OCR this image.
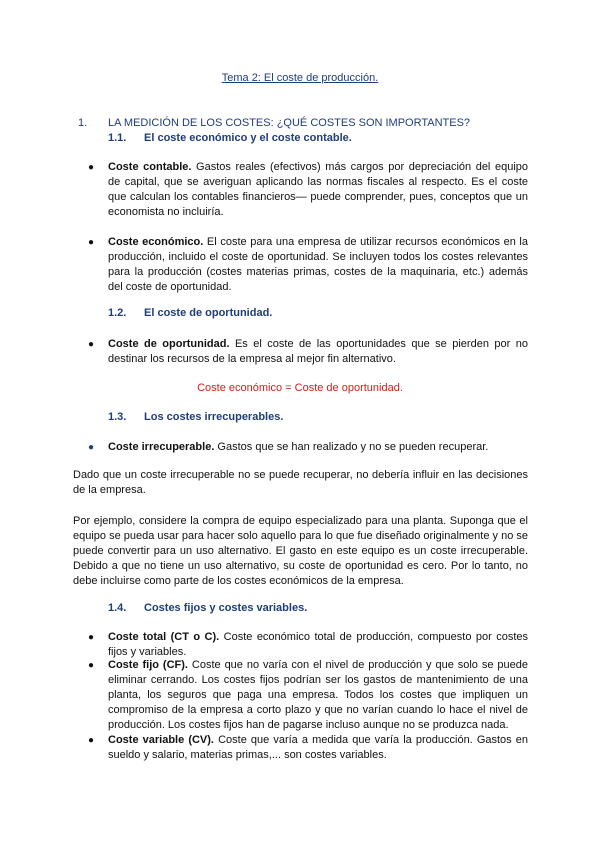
Tema 2: El coste de producción.
1. LA MEDICIÓN DE LOS COSTES: ¿QUÉ COSTES SON IMPORTANTES?
1.1. El coste económico y el coste contable.
● Coste contable. Gastos reales (efectivos) más cargos por depreciación del equipo de capital, que se averiguan aplicando las normas fiscales al respecto. Es el coste que calculan los contables financieros— puede comprender, pues, conceptos que un economista no incluiría.
● Coste económico. El coste para una empresa de utilizar recursos económicos en la producción, incluido el coste de oportunidad. Se incluyen todos los costes relevantes para la producción (costes materias primas, costes de la maquinaria, etc.) además del coste de oportunidad.
1.2. El coste de oportunidad.
● Coste de oportunidad. Es el coste de las oportunidades que se pierden por no destinar los recursos de la empresa al mejor fin alternativo.
Coste económico = Coste de oportunidad.
1.3. Los costes irrecuperables.
● Coste irrecuperable. Gastos que se han realizado y no se pueden recuperar.
Dado que un coste irrecuperable no se puede recuperar, no debería influir en las decisiones de la empresa.
Por ejemplo, considere la compra de equipo especializado para una planta. Suponga que el equipo se pueda usar para hacer solo aquello para lo que fue diseñado originalmente y no se puede convertir para un uso alternativo. El gasto en este equipo es un coste irrecuperable. Debido a que no tiene un uso alternativo, su coste de oportunidad es cero. Por lo tanto, no debe incluirse como parte de los costes económicos de la empresa.
1.4. Costes fijos y costes variables.
● Coste total (CT o C). Coste económico total de producción, compuesto por costes fijos y variables.
● Coste fijo (CF). Coste que no varía con el nivel de producción y que solo se puede eliminar cerrando. Los costes fijos podrían ser los gastos de mantenimiento de una planta, los seguros que paga una empresa. Todos los costes que impliquen un compromiso de la empresa a corto plazo y que no varían cuando lo hace el nivel de producción. Los costes fijos han de pagarse incluso aunque no se produzca nada.
● Coste variable (CV). Coste que varía a medida que varía la producción. Gastos en sueldo y salario, materias primas,... son costes variables.
